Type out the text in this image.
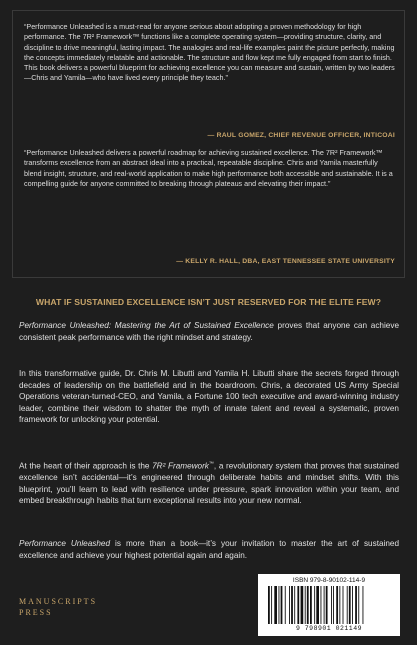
“Performance Unleashed is a must-read for anyone serious about adopting a proven methodology for high performance. The 7R² Framework™ functions like a complete operating system—providing structure, clarity, and discipline to drive meaningful, lasting impact. The analogies and real-life examples paint the picture perfectly, making the concepts immediately relatable and actionable. The structure and flow kept me fully engaged from start to finish. This book delivers a powerful blueprint for achieving excellence you can measure and sustain, written by two leaders—Chris and Yamila—who have lived every principle they teach.”
— RAUL GOMEZ, CHIEF REVENUE OFFICER, INTICOAI
“Performance Unleashed delivers a powerful roadmap for achieving sustained excellence. The 7R² Framework™ transforms excellence from an abstract ideal into a practical, repeatable discipline. Chris and Yamila masterfully blend insight, structure, and real-world application to make high performance both accessible and sustainable. It is a compelling guide for anyone committed to breaking through plateaus and elevating their impact.”
— KELLY R. HALL, DBA, EAST TENNESSEE STATE UNIVERSITY
WHAT IF SUSTAINED EXCELLENCE ISN’T JUST RESERVED FOR THE ELITE FEW?
Performance Unleashed: Mastering the Art of Sustained Excellence proves that anyone can achieve consistent peak performance with the right mindset and strategy.
In this transformative guide, Dr. Chris M. Libutti and Yamila H. Libutti share the secrets forged through decades of leadership on the battlefield and in the boardroom. Chris, a decorated US Army Special Operations veteran-turned-CEO, and Yamila, a Fortune 100 tech executive and award-winning industry leader, combine their wisdom to shatter the myth of innate talent and reveal a systematic, proven framework for unlocking your potential.
At the heart of their approach is the 7R² Framework™, a revolutionary system that proves that sustained excellence isn’t accidental—it’s engineered through deliberate habits and mindset shifts. With this blueprint, you’ll learn to lead with resilience under pressure, spark innovation within your team, and embed breakthrough habits that turn exceptional results into your new normal.
Performance Unleashed is more than a book—it’s your invitation to master the art of sustained excellence and achieve your highest potential again and again.
MANUSCRIPTS
PRESS
ISBN 979-8-90102-114-9
9 798901 021149
